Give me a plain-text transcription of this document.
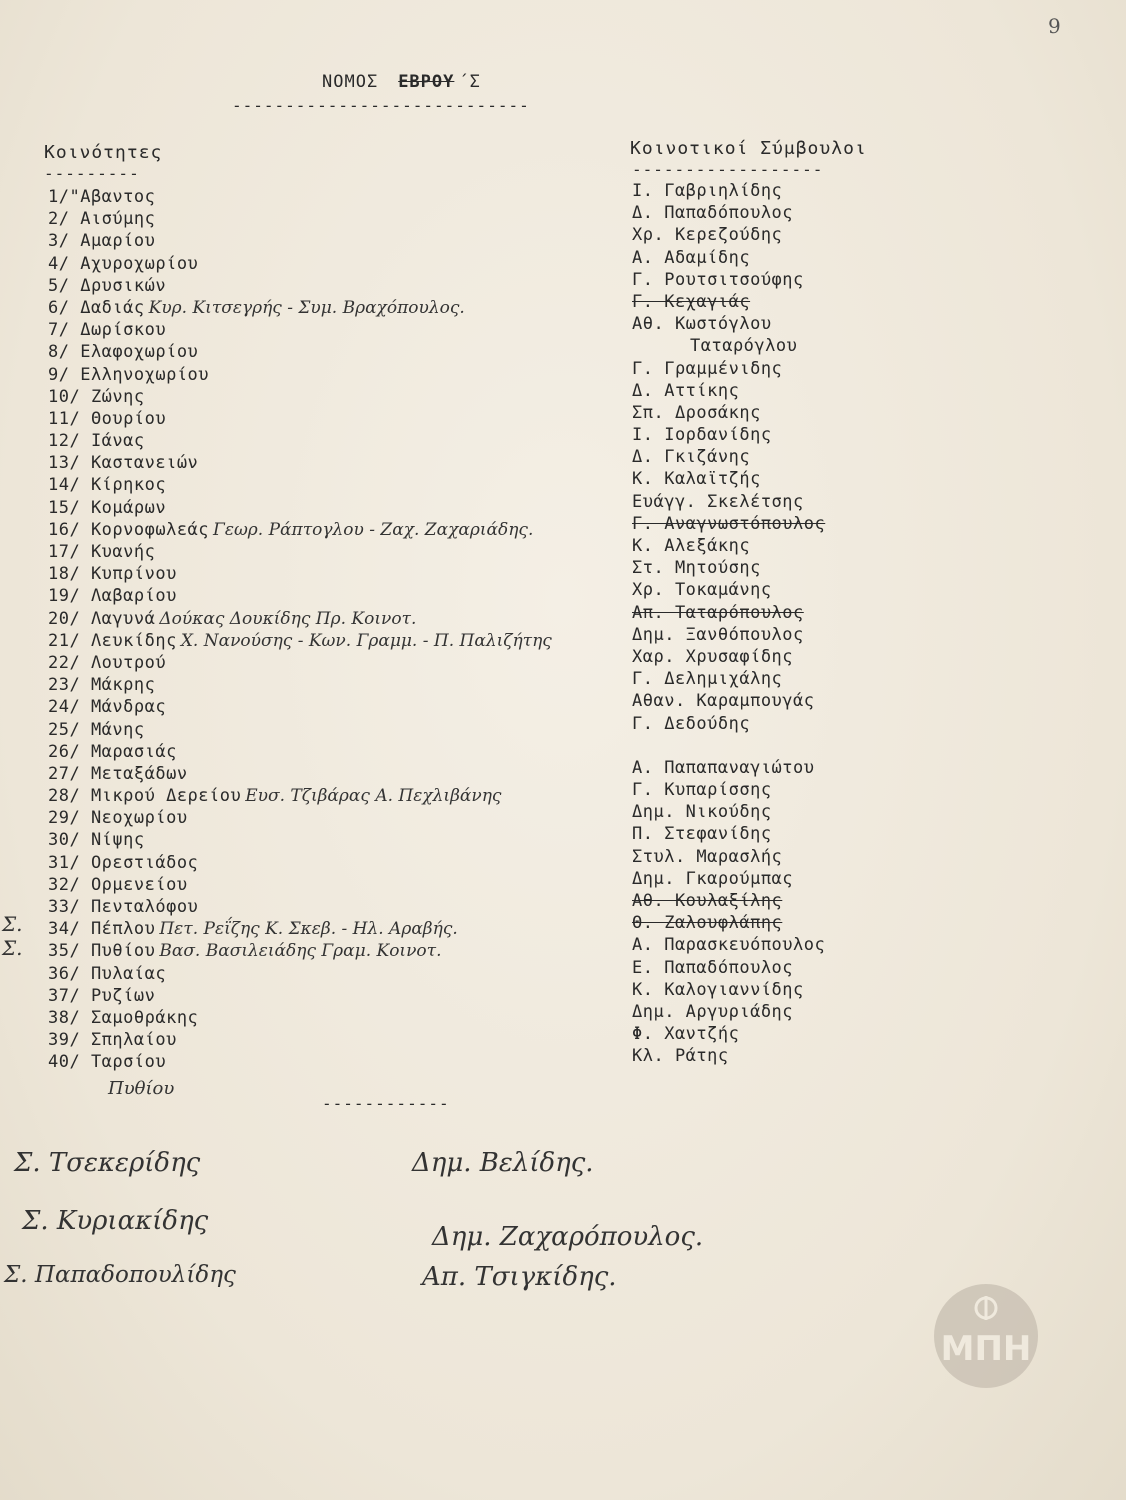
9
ΝΟΜΟΣ ΕΒΡΟΥ ΄Σ
----------------------------
Κοινότητες
---------
Κοινοτικοί Σύμβουλοι
------------------
1/"Αβαντος
2/ Αισύμης
3/ Αμαρίου
4/ Αχυροχωρίου
5/ Δρυσικών
6/ Δαδιάς Κυρ. Κιτσεγρής - Συμ. Βραχόπουλος.
7/ Δωρίσκου
8/ Ελαφοχωρίου
9/ Ελληνοχωρίου
10/ Ζώνης
11/ Θουρίου
12/ Ιάνας
13/ Καστανειών
14/ Κίρηκος
15/ Κομάρων
16/ Κορνοφωλεάς Γεωρ. Ράπτογλου - Ζαχ. Ζαχαριάδης.
17/ Κυανής
18/ Κυπρίνου
19/ Λαβαρίου
20/ Λαγυνά Δούκας Δουκίδης Πρ. Κοινοτ.
21/ Λευκίδης Χ. Νανούσης - Κων. Γραμμ. - Π. Παλιζήτης
22/ Λουτρού
23/ Μάκρης
24/ Μάνδρας
25/ Μάνης
26/ Μαρασιάς
27/ Μεταξάδων
28/ Μικρού Δερείου Ευσ. Τζιβάρας Α. Πεχλιβάνης
29/ Νεοχωρίου
30/ Νίψης
31/ Ορεστιάδος
32/ Ορμενείου
33/ Πενταλόφου
34/ Πέπλου Πετ. Ρεΐζης Κ. Σκεβ. - Ηλ. Αραβής.
35/ Πυθίου Βασ. Βασιλειάδης Γραμ. Κοινοτ.
36/ Πυλαίας
37/ Ρυζίων
38/ Σαμοθράκης
39/ Σπηλαίου
40/ Ταρσίου
Πυθίου
Σ.
Σ.
Ι. Γαβριηλίδης
Δ. Παπαδόπουλος
Χρ. Κερεζούδης
Α. Αδαμίδης
Γ. Ρουτσιτσούφης
Γ. Κεχαγιάς
Αθ. Κωστόγλου
Ταταρόγλου
Γ. Γραμμένιδης
Δ. Αττίκης
Σπ. Δροσάκης
Ι. Ιορδανίδης
Δ. Γκιζάνης
Κ. Καλαϊτζής
Ευάγγ. Σκελέτσης
Γ. Αναγνωστόπουλος
Κ. Αλεξάκης
Στ. Μητούσης
Χρ. Τοκαμάνης
Απ. Ταταρόπουλος
Δημ. Ξανθόπουλος
Χαρ. Χρυσαφίδης
Γ. Δελημιχάλης
Αθαν. Καραμπουγάς
Γ. Δεδούδης
Α. Παπαπαναγιώτου
Γ. Κυπαρίσσης
Δημ. Νικούδης
Π. Στεφανίδης
Στυλ. Μαρασλής
Δημ. Γκαρούμπας
Αθ. Κουλαξίλης
Θ. Ζαλουφλάπης
Α. Παρασκευόπουλος
Ε. Παπαδόπουλος
Κ. Καλογιαννίδης
Δημ. Αργυριάδης
Φ. Χαντζής
Κλ. Ράτης
------------
Σ. Τσεκερίδης
Σ. Κυριακίδης
Σ. Παπαδοπουλίδης
Δημ. Βελίδης.
Δημ. Ζαχαρόπουλος.
Απ. Τσιγκίδης.
ΜΠΗ
